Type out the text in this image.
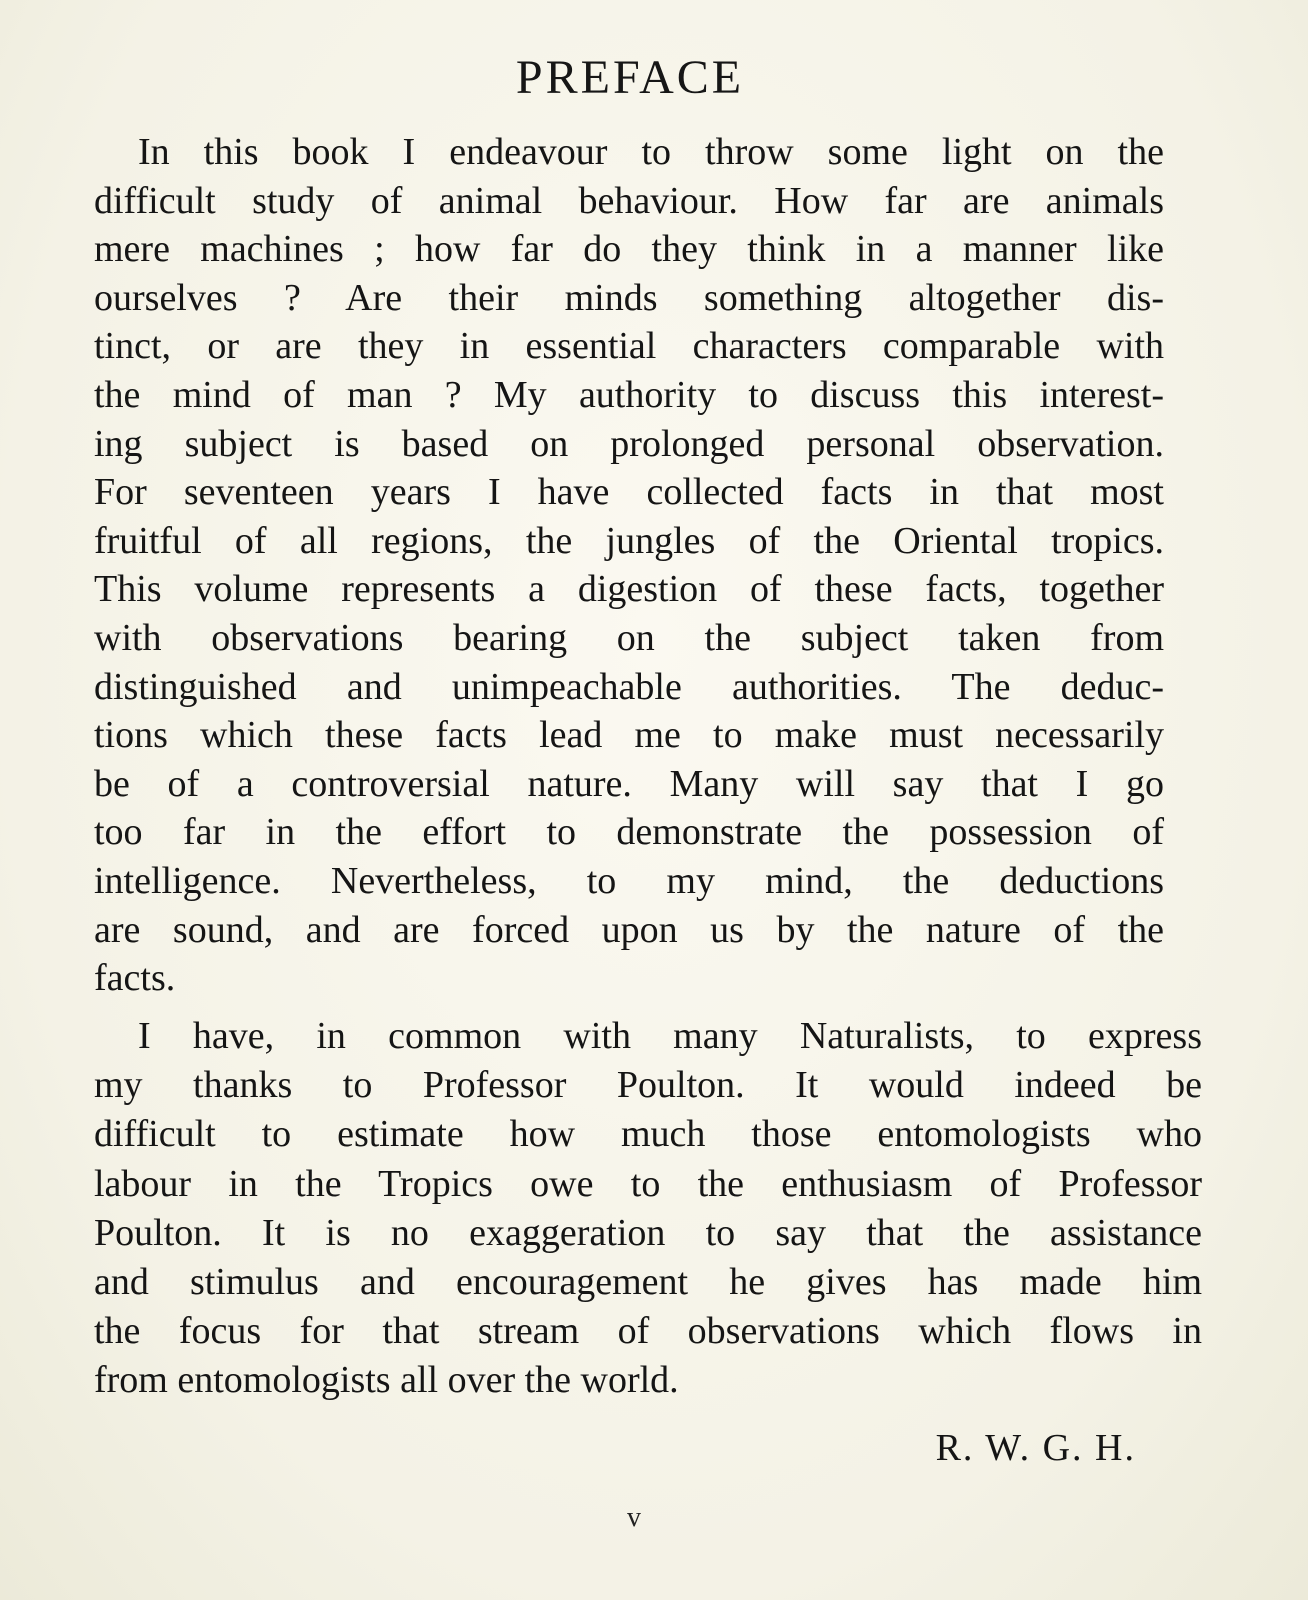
PREFACE
In this book I endeavour to throw some light on the
difficult study of animal behaviour. How far are animals
mere machines ; how far do they think in a manner like
ourselves ? Are their minds something altogether dis-
tinct, or are they in essential characters comparable with
the mind of man ? My authority to discuss this interest-
ing subject is based on prolonged personal observation.
For seventeen years I have collected facts in that most
fruitful of all regions, the jungles of the Oriental tropics.
This volume represents a digestion of these facts, together
with observations bearing on the subject taken from
distinguished and unimpeachable authorities. The deduc-
tions which these facts lead me to make must necessarily
be of a controversial nature. Many will say that I go
too far in the effort to demonstrate the possession of
intelligence. Nevertheless, to my mind, the deductions
are sound, and are forced upon us by the nature of the
facts.
I have, in common with many Naturalists, to express
my thanks to Professor Poulton. It would indeed be
difficult to estimate how much those entomologists who
labour in the Tropics owe to the enthusiasm of Professor
Poulton. It is no exaggeration to say that the assistance
and stimulus and encouragement he gives has made him
the focus for that stream of observations which flows in
from entomologists all over the world.
R. W. G. H.
v
